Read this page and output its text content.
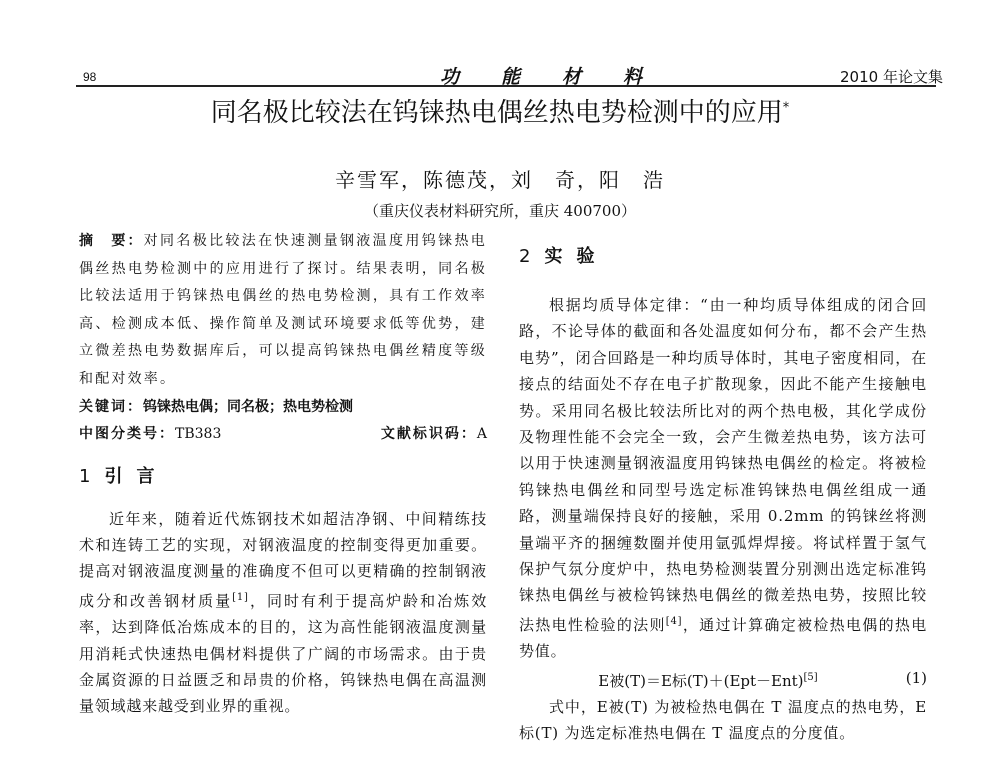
98	功能材料	2010 年论文集
同名极比较法在钨铼热电偶丝热电势检测中的应用*
辛雪军，陈德茂，刘　奇，阳　浩
（重庆仪表材料研究所，重庆 400700）

摘　要：对同名极比较法在快速测量钢液温度用钨铼热电偶丝热电势检测中的应用进行了探讨。结果表明，同名极比较法适用于钨铼热电偶丝的热电势检测，具有工作效率高、检测成本低、操作简单及测试环境要求低等优势，建立微差热电势数据库后，可以提高钨铼热电偶丝精度等级和配对效率。

关键词：钨铼热电偶；同名极；热电势检测

中图分类号：TB383	文献标识码：A

1 引言

近年来，随着近代炼钢技术如超洁净钢、中间精练技术和连铸工艺的实现，对钢液温度的控制变得更加重要。提高对钢液温度测量的准确度不但可以更精确的控制钢液成分和改善钢材质量[1]，同时有利于提高炉龄和冶炼效率，达到降低冶炼成本的目的，这为高性能钢液温度测量用消耗式快速热电偶材料提供了广阔的市场需求。由于贵金属资源的日益匮乏和昂贵的价格，钨铼热电偶在高温测量领域越来越受到业界的重视。

2 实验

根据均质导体定律：“由一种均质导体组成的闭合回路，不论导体的截面和各处温度如何分布，都不会产生热电势”，闭合回路是一种均质导体时，其电子密度相同，在接点的结面处不存在电子扩散现象，因此不能产生接触电势。采用同名极比较法所比对的两个热电极，其化学成份及物理性能不会完全一致，会产生微差热电势，该方法可以用于快速测量钢液温度用钨铼热电偶丝的检定。将被检钨铼热电偶丝和同型号选定标准钨铼热电偶丝组成一通路，测量端保持良好的接触，采用 0.2mm 的钨铼丝将测量端平齐的捆缠数圈并使用氩弧焊焊接。将试样置于氢气保护气氛分度炉中，热电势检测装置分别测出选定标准钨铼热电偶丝与被检钨铼热电偶丝的微差热电势，按照比较法热电性检验的法则[4]，通过计算确定被检热电偶的热电势值。

E被(T)＝E标(T)＋(Ept－Ent)[5]	(1)

式中，E被(T) 为被检热电偶在 T 温度点的热电势，E标(T) 为选定标准热电偶在 T 温度点的分度值。
